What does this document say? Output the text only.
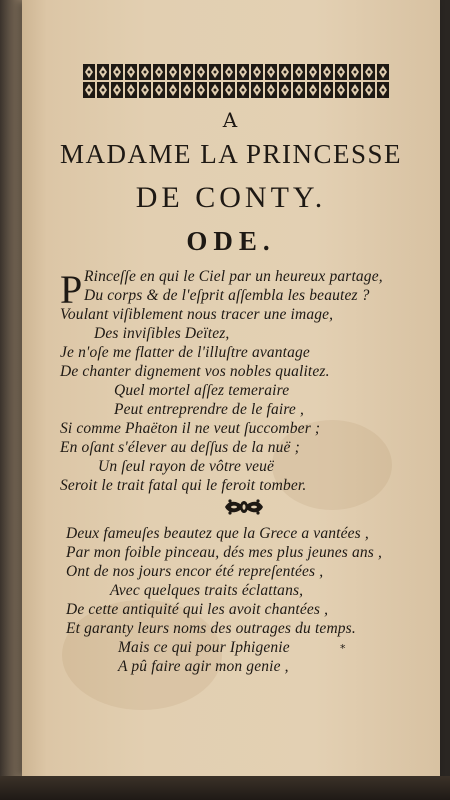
A

MADAME LA PRINCESSE

DE CONTY.

ODE.

P Rinceſſe en qui le Ciel par un heureux partage,

Du corps & de l'eſprit aſſembla les beautez ?

Voulant viſiblement nous tracer une image,

Des inviſibles Deïtez,

Je n'oſe me flatter de l'illuſtre avantage

De chanter dignement vos nobles qualitez.

Quel mortel aſſez temeraire

Peut entreprendre de le faire ,

Si comme Phaëton il ne veut ſuccomber ;

En oſant s'élever au deſſus de la nuë ;

Un ſeul rayon de vôtre veuë

Seroit le trait fatal qui le feroit tomber.

Deux fameuſes beautez que la Grece a vantées ,

Par mon foible pinceau, dés mes plus jeunes ans ,

Ont de nos jours encor été repreſentées ,

Avec quelques traits éclattans,

De cette antiquité qui les avoit chantées ,

Et garanty leurs noms des outrages du temps.

Mais ce qui pour Iphigenie

A pû faire agir mon genie ,

*
